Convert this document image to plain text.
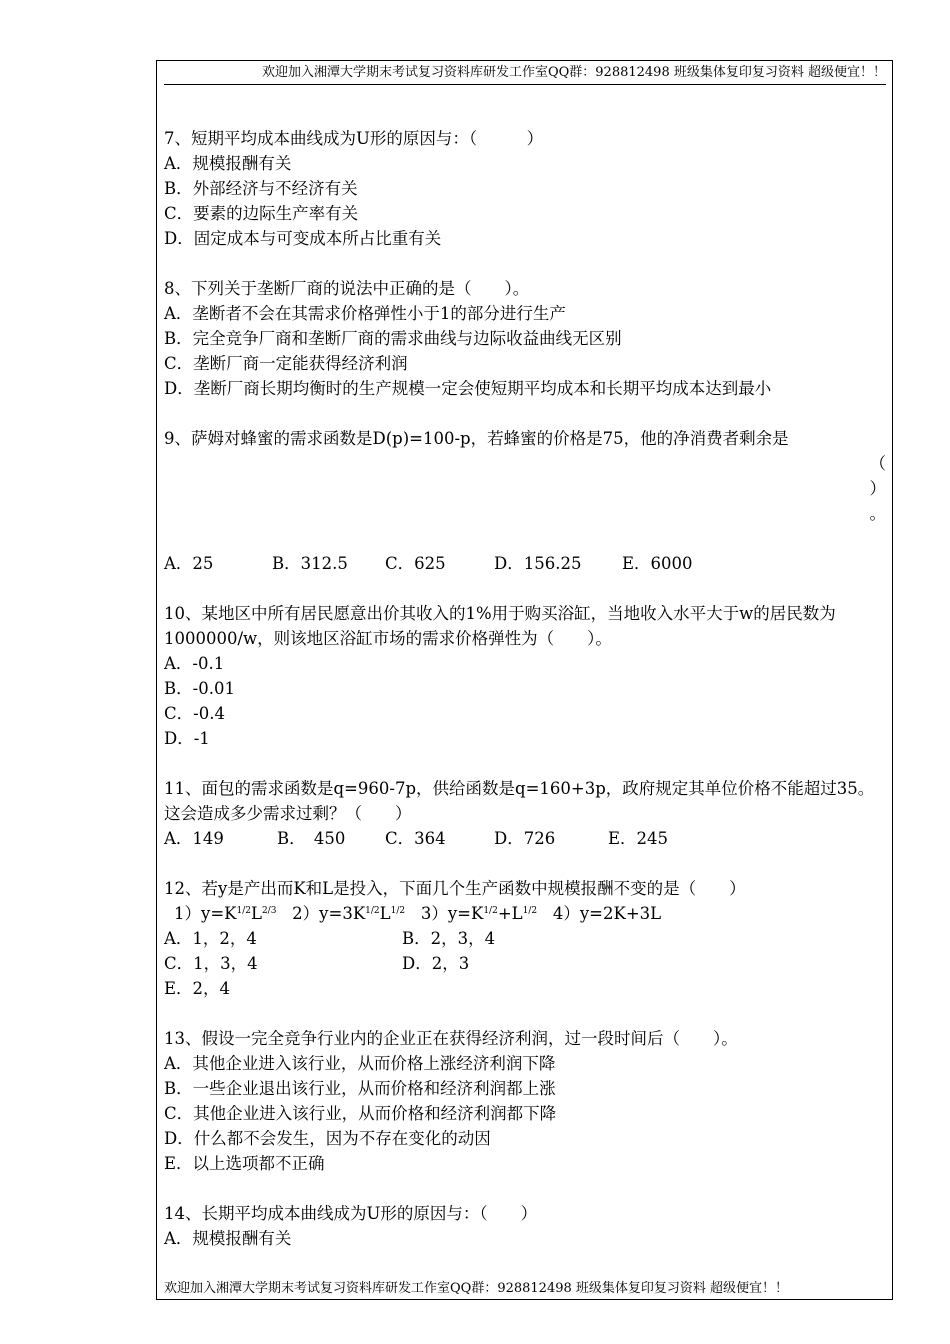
欢迎加入湘潭大学期末考试复习资料库研发工作室QQ群：928812498 班级集体复印复习资料 超级便宜！！
7、短期平均成本曲线成为U形的原因与：（　　　）
A．规模报酬有关
B．外部经济与不经济有关
C．要素的边际生产率有关
D．固定成本与可变成本所占比重有关
8、下列关于垄断厂商的说法中正确的是（　　）。
A．垄断者不会在其需求价格弹性小于1的部分进行生产
B．完全竞争厂商和垄断厂商的需求曲线与边际收益曲线无区别
C．垄断厂商一定能获得经济利润
D．垄断厂商长期均衡时的生产规模一定会使短期平均成本和长期平均成本达到最小
9、萨姆对蜂蜜的需求函数是D(p)=100-p，若蜂蜜的价格是75，他的净消费者剩余是
（
）
。
A．25	B．312.5 C．625	D．156.25 E．6000
10、某地区中所有居民愿意出价其收入的1%用于购买浴缸，当地收入水平大于w的居民数为1000000/w，则该地区浴缸市场的需求价格弹性为（　　）。
A．-0.1
B．-0.01
C．-0.4
D．-1
11、面包的需求函数是q=960-7p，供给函数是q=160+3p，政府规定其单位价格不能超过35。这会造成多少需求过剩？（　　）
A．149	B．　450 C．364	D．726	E．245
12、若y是产出而K和L是投入，下面几个生产函数中规模报酬不变的是（　　）
$1)y=K^{1/2}L^{2/3}$ $2)y=3K^{1/2}L^{1/2}$ $3)y=K^{1/2}+L^{1/2}$ 4）y=2K+3L
A．1，2，4	B．2，3，4
C．1，3，4	D．2，3
E．2，4
13、假设一完全竞争行业内的企业正在获得经济利润，过一段时间后（　　）。
A．其他企业进入该行业，从而价格上涨经济利润下降
B．一些企业退出该行业，从而价格和经济利润都上涨
C．其他企业进入该行业，从而价格和经济利润都下降
D．什么都不会发生，因为不存在变化的动因
E．以上选项都不正确
14、长期平均成本曲线成为U形的原因与：（　　）
A．规模报酬有关
欢迎加入湘潭大学期末考试复习资料库研发工作室QQ群：928812498 班级集体复印复习资料 超级便宜！！
